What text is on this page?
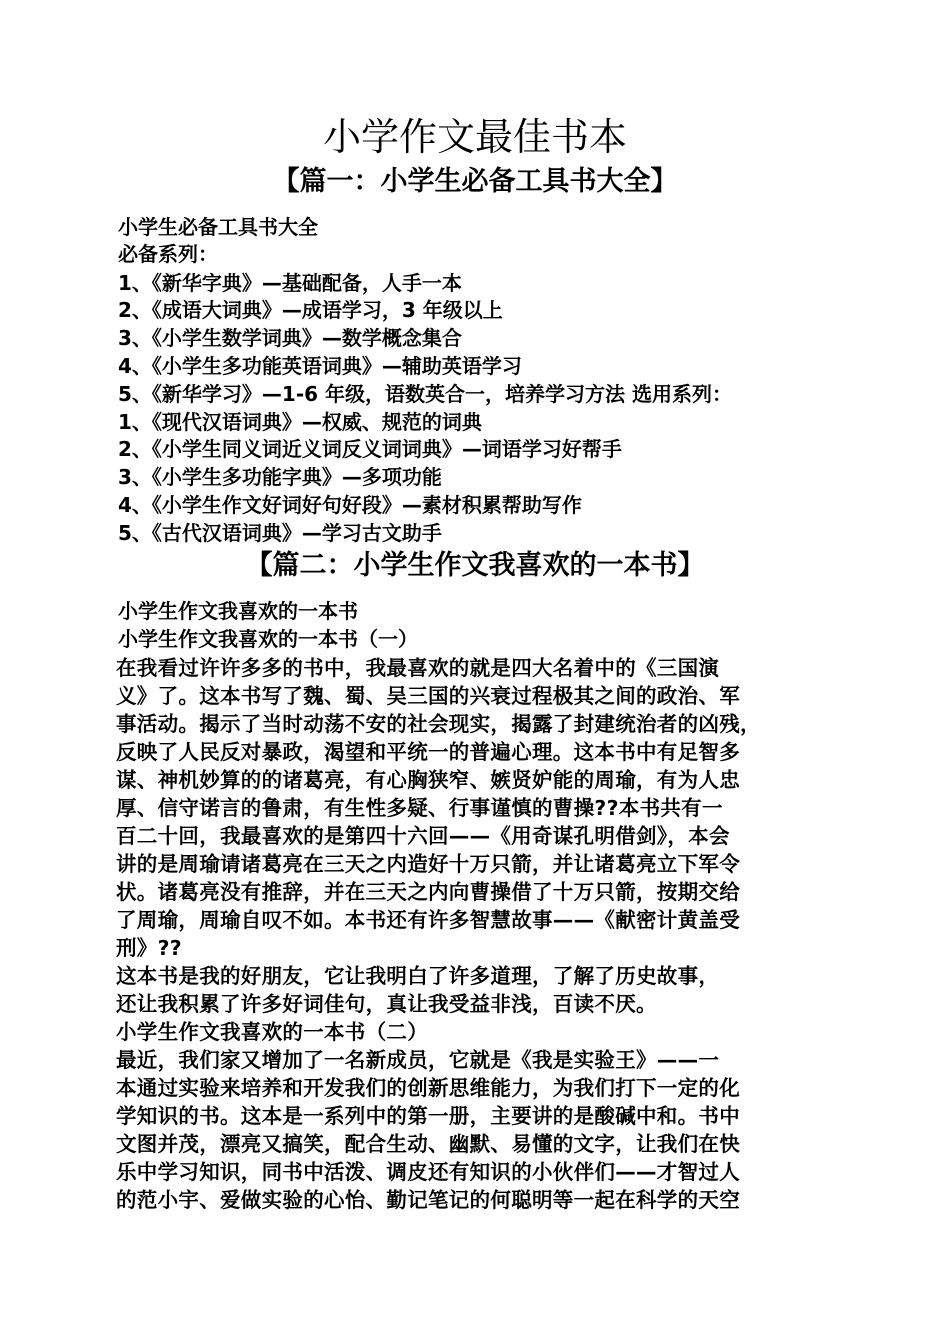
小学作文最佳书本
【篇一：小学生必备工具书大全】

小学生必备工具书大全

必备系列：

1、《新华字典》—基础配备，人手一本

2、《成语大词典》—成语学习，3 年级以上

3、《小学生数学词典》—数学概念集合

4、《小学生多功能英语词典》—辅助英语学习

5、《新华学习》—1-6 年级，语数英合一，培养学习方法 选用系列：

1、《现代汉语词典》—权威、规范的词典

2、《小学生同义词近义词反义词词典》—词语学习好帮手

3、《小学生多功能字典》—多项功能

4、《小学生作文好词好句好段》—素材积累帮助写作

5、《古代汉语词典》—学习古文助手

【篇二：小学生作文我喜欢的一本书】

小学生作文我喜欢的一本书

小学生作文我喜欢的一本书（一）

在我看过许许多多的书中，我最喜欢的就是四大名着中的《三国演

义》了。这本书写了魏、蜀、吴三国的兴衰过程极其之间的政治、军

事活动。揭示了当时动荡不安的社会现实，揭露了封建统治者的凶残，

反映了人民反对暴政，渴望和平统一的普遍心理。这本书中有足智多

谋、神机妙算的的诸葛亮，有心胸狭窄、嫉贤妒能的周瑜，有为人忠

厚、信守诺言的鲁肃，有生性多疑、行事谨慎的曹操??本书共有一

百二十回，我最喜欢的是第四十六回——《用奇谋孔明借剑》，本会

讲的是周瑜请诸葛亮在三天之内造好十万只箭，并让诸葛亮立下军令

状。诸葛亮没有推辞，并在三天之内向曹操借了十万只箭，按期交给

了周瑜，周瑜自叹不如。本书还有许多智慧故事——《献密计黄盖受

刑》??

这本书是我的好朋友，它让我明白了许多道理，了解了历史故事，

还让我积累了许多好词佳句，真让我受益非浅，百读不厌。

小学生作文我喜欢的一本书（二）

最近，我们家又增加了一名新成员，它就是《我是实验王》——一

本通过实验来培养和开发我们的创新思维能力，为我们打下一定的化

学知识的书。这本是一系列中的第一册，主要讲的是酸碱中和。书中

文图并茂，漂亮又搞笑，配合生动、幽默、易懂的文字，让我们在快

乐中学习知识，同书中活泼、调皮还有知识的小伙伴们——才智过人

的范小宇、爱做实验的心怡、勤记笔记的何聪明等一起在科学的天空
